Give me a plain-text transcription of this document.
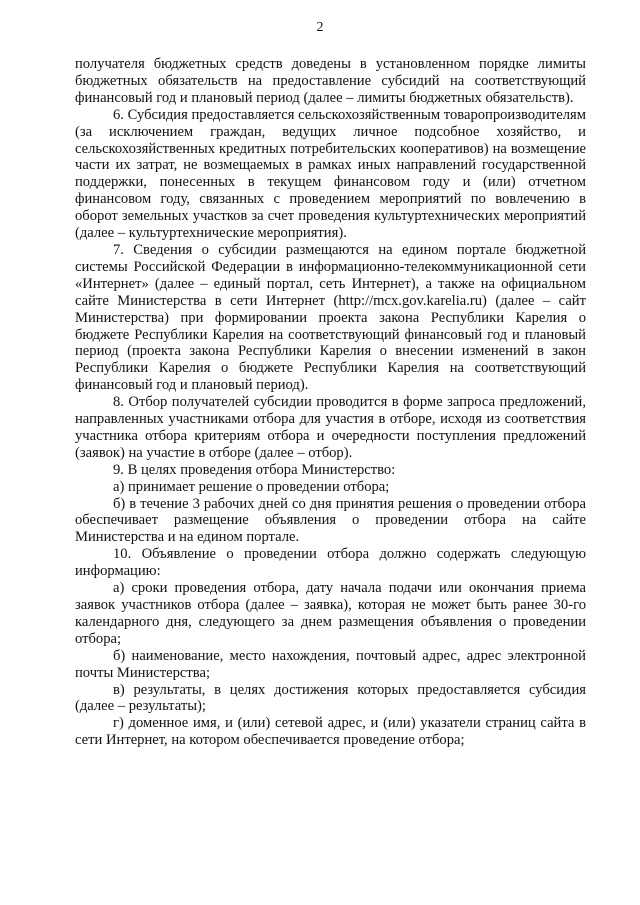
2

получателя бюджетных средств доведены в установленном порядке лимиты бюджетных обязательств на предоставление субсидий на соответствующий финансовый год и плановый период (далее – лимиты бюджетных обязательств).

6. Субсидия предоставляется сельскохозяйственным товаропроизводителям (за исключением граждан, ведущих личное подсобное хозяйство, и сельскохозяйственных кредитных потребительских кооперативов) на возмещение части их затрат, не возмещаемых в рамках иных направлений государственной поддержки, понесенных в текущем финансовом году и (или) отчетном финансовом году, связанных с проведением мероприятий по вовлечению в оборот земельных участков за счет проведения культуртехнических мероприятий (далее – культуртехнические мероприятия).

7. Сведения о субсидии размещаются на едином портале бюджетной системы Российской Федерации в информационно-телекоммуникационной сети «Интернет» (далее – единый портал, сеть Интернет), а также на официальном сайте Министерства в сети Интернет (http://mcx.gov.karelia.ru) (далее – сайт Министерства) при формировании проекта закона Республики Карелия о бюджете Республики Карелия на соответствующий финансовый год и плановый период (проекта закона Республики Карелия о внесении изменений в закон Республики Карелия о бюджете Республики Карелия на соответствующий финансовый год и плановый период).

8. Отбор получателей субсидии проводится в форме запроса предложений, направленных участниками отбора для участия в отборе, исходя из соответствия участника отбора критериям отбора и очередности поступления предложений (заявок) на участие в отборе (далее – отбор).

9. В целях проведения отбора Министерство:

а) принимает решение о проведении отбора;

б) в течение 3 рабочих дней со дня принятия решения о проведении отбора обеспечивает размещение объявления о проведении отбора на сайте Министерства и на едином портале.

10. Объявление о проведении отбора должно содержать следующую информацию:

а) сроки проведения отбора, дату начала подачи или окончания приема заявок участников отбора (далее – заявка), которая не может быть ранее 30-го календарного дня, следующего за днем размещения объявления о проведении отбора;

б) наименование, место нахождения, почтовый адрес, адрес электронной почты Министерства;

в) результаты, в целях достижения которых предоставляется субсидия (далее – результаты);

г) доменное имя, и (или) сетевой адрес, и (или) указатели страниц сайта в сети Интернет, на котором обеспечивается проведение отбора;
